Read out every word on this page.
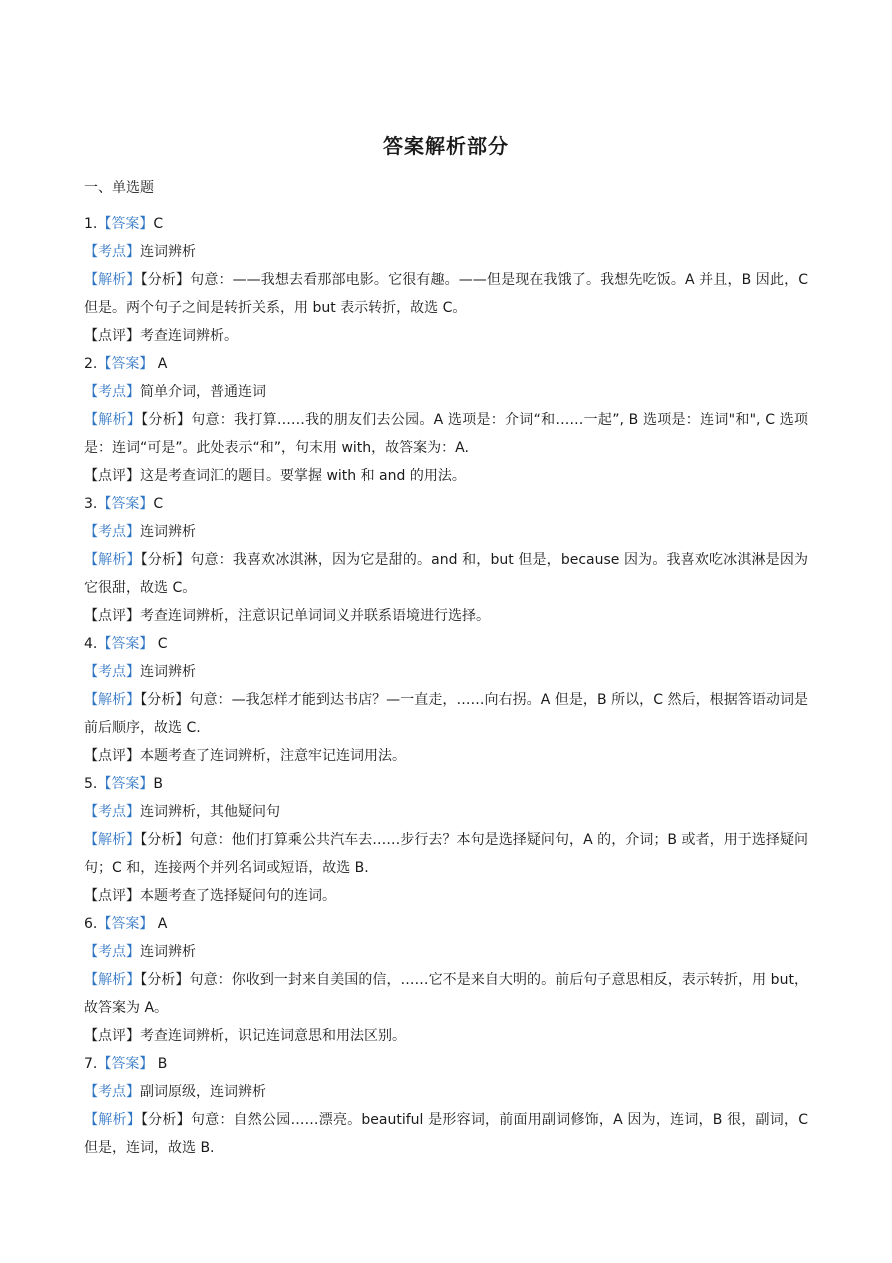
答案解析部分
一、单选题

1.【答案】C

【考点】连词辨析

【解析】【分析】句意：——我想去看那部电影。它很有趣。——但是现在我饿了。我想先吃饭。A 并且，B 因此，C 但是。两个句子之间是转折关系，用 but 表示转折，故选 C。

【点评】考查连词辨析。

2.【答案】 A

【考点】简单介词，普通连词

【解析】【分析】句意：我打算……我的朋友们去公园。A 选项是：介词“和……一起”, B 选项是：连词"和", C 选项是：连词“可是”。此处表示“和”，句末用 with，故答案为：A.

【点评】这是考查词汇的题目。要掌握 with 和 and 的用法。

3.【答案】C

【考点】连词辨析

【解析】【分析】句意：我喜欢冰淇淋，因为它是甜的。and 和，but 但是，because 因为。我喜欢吃冰淇淋是因为它很甜，故选 C。

【点评】考查连词辨析，注意识记单词词义并联系语境进行选择。

4.【答案】 C

【考点】连词辨析

【解析】【分析】句意：—我怎样才能到达书店？—一直走，……向右拐。A 但是，B 所以，C 然后，根据答语动词是前后顺序，故选 C.

【点评】本题考查了连词辨析，注意牢记连词用法。

5.【答案】B

【考点】连词辨析，其他疑问句

【解析】【分析】句意：他们打算乘公共汽车去……步行去？本句是选择疑问句，A 的，介词；B 或者，用于选择疑问句；C 和，连接两个并列名词或短语，故选 B.

【点评】本题考查了选择疑问句的连词。

6.【答案】 A

【考点】连词辨析

【解析】【分析】句意：你收到一封来自美国的信，……它不是来自大明的。前后句子意思相反，表示转折，用 but，故答案为 A。

【点评】考查连词辨析，识记连词意思和用法区别。

7.【答案】 B

【考点】副词原级，连词辨析

【解析】【分析】句意：自然公园……漂亮。beautiful 是形容词，前面用副词修饰，A 因为，连词，B 很，副词，C 但是，连词，故选 B.
